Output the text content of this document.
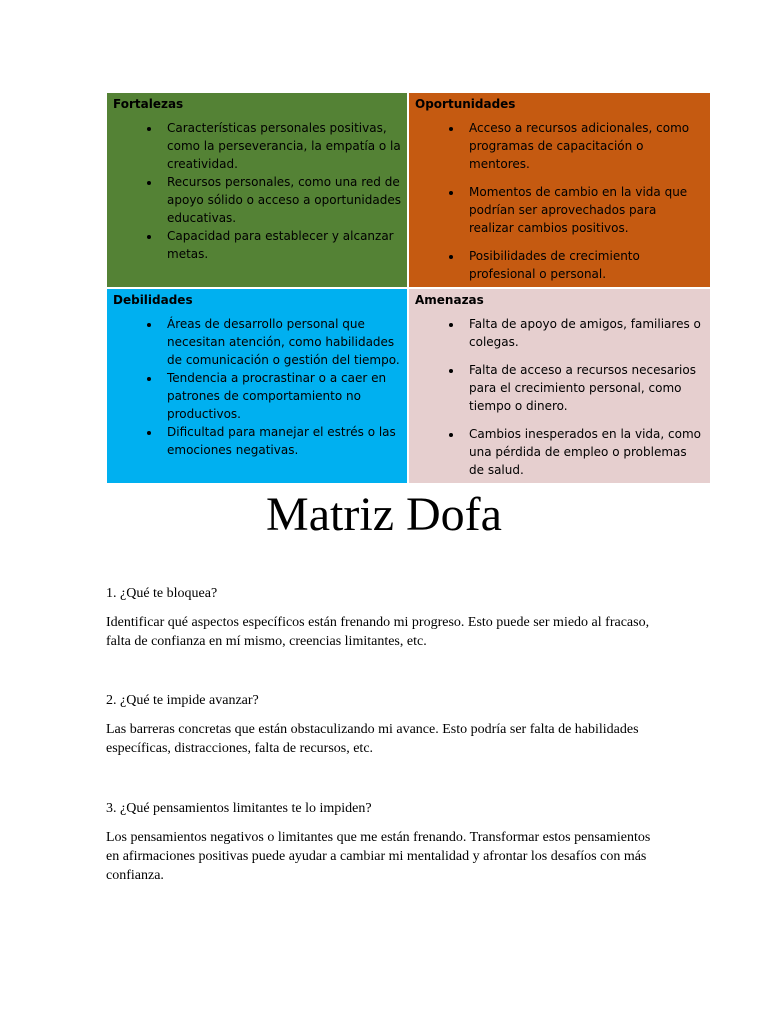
Fortalezas
• Características personales positivas, como la perseverancia, la empatía o la creatividad.
• Recursos personales, como una red de apoyo sólido o acceso a oportunidades educativas.
• Capacidad para establecer y alcanzar metas.
Oportunidades
• Acceso a recursos adicionales, como programas de capacitación o mentores.
• Momentos de cambio en la vida que podrían ser aprovechados para realizar cambios positivos.
• Posibilidades de crecimiento profesional o personal.
Debilidades
• Áreas de desarrollo personal que necesitan atención, como habilidades de comunicación o gestión del tiempo.
• Tendencia a procrastinar o a caer en patrones de comportamiento no productivos.
• Dificultad para manejar el estrés o las emociones negativas.
Amenazas
• Falta de apoyo de amigos, familiares o colegas.
• Falta de acceso a recursos necesarios para el crecimiento personal, como tiempo o dinero.
• Cambios inesperados en la vida, como una pérdida de empleo o problemas de salud.
Matriz Dofa

1. ¿Qué te bloquea?

Identificar qué aspectos específicos están frenando mi progreso. Esto puede ser miedo al fracaso, falta de confianza en mí mismo, creencias limitantes, etc.

2. ¿Qué te impide avanzar?

Las barreras concretas que están obstaculizando mi avance. Esto podría ser falta de habilidades específicas, distracciones, falta de recursos, etc.

3. ¿Qué pensamientos limitantes te lo impiden?

Los pensamientos negativos o limitantes que me están frenando. Transformar estos pensamientos en afirmaciones positivas puede ayudar a cambiar mi mentalidad y afrontar los desafíos con más confianza.
